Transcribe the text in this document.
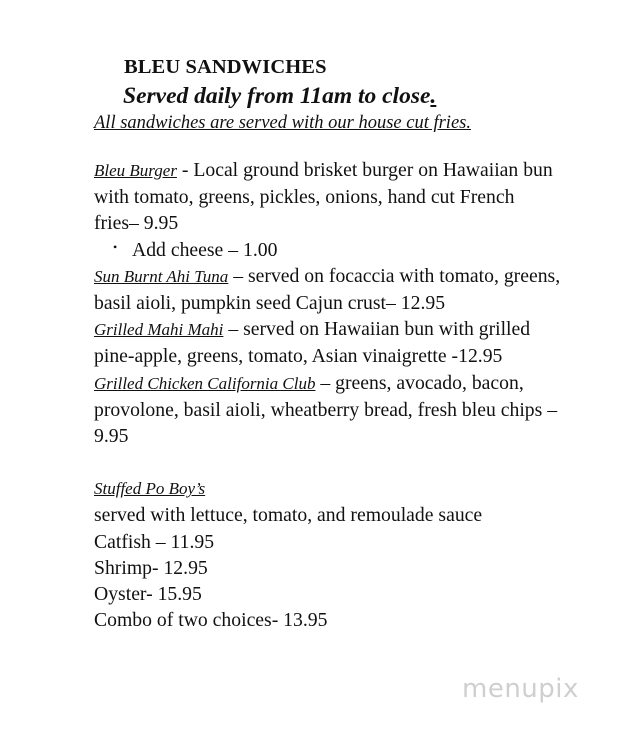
BLEU SANDWICHES
Served daily from 11am to close.
All sandwiches are served with our house cut fries.

Bleu Burger - Local ground brisket burger on Hawaiian bun with tomato, greens, pickles, onions, hand cut French fries– 9.95

• Add cheese – 1.00

Sun Burnt Ahi Tuna – served on focaccia with tomato, greens, basil aioli, pumpkin seed Cajun crust– 12.95

Grilled Mahi Mahi – served on Hawaiian bun with grilled pine-apple, greens, tomato, Asian vinaigrette -12.95

Grilled Chicken California Club – greens, avocado, bacon, provolone, basil aioli, wheatberry bread, fresh bleu chips – 9.95

Stuffed Po Boy’s
served with lettuce, tomato, and remoulade sauce
Catfish – 11.95
Shrimp- 12.95
Oyster- 15.95
Combo of two choices- 13.95
menupix
